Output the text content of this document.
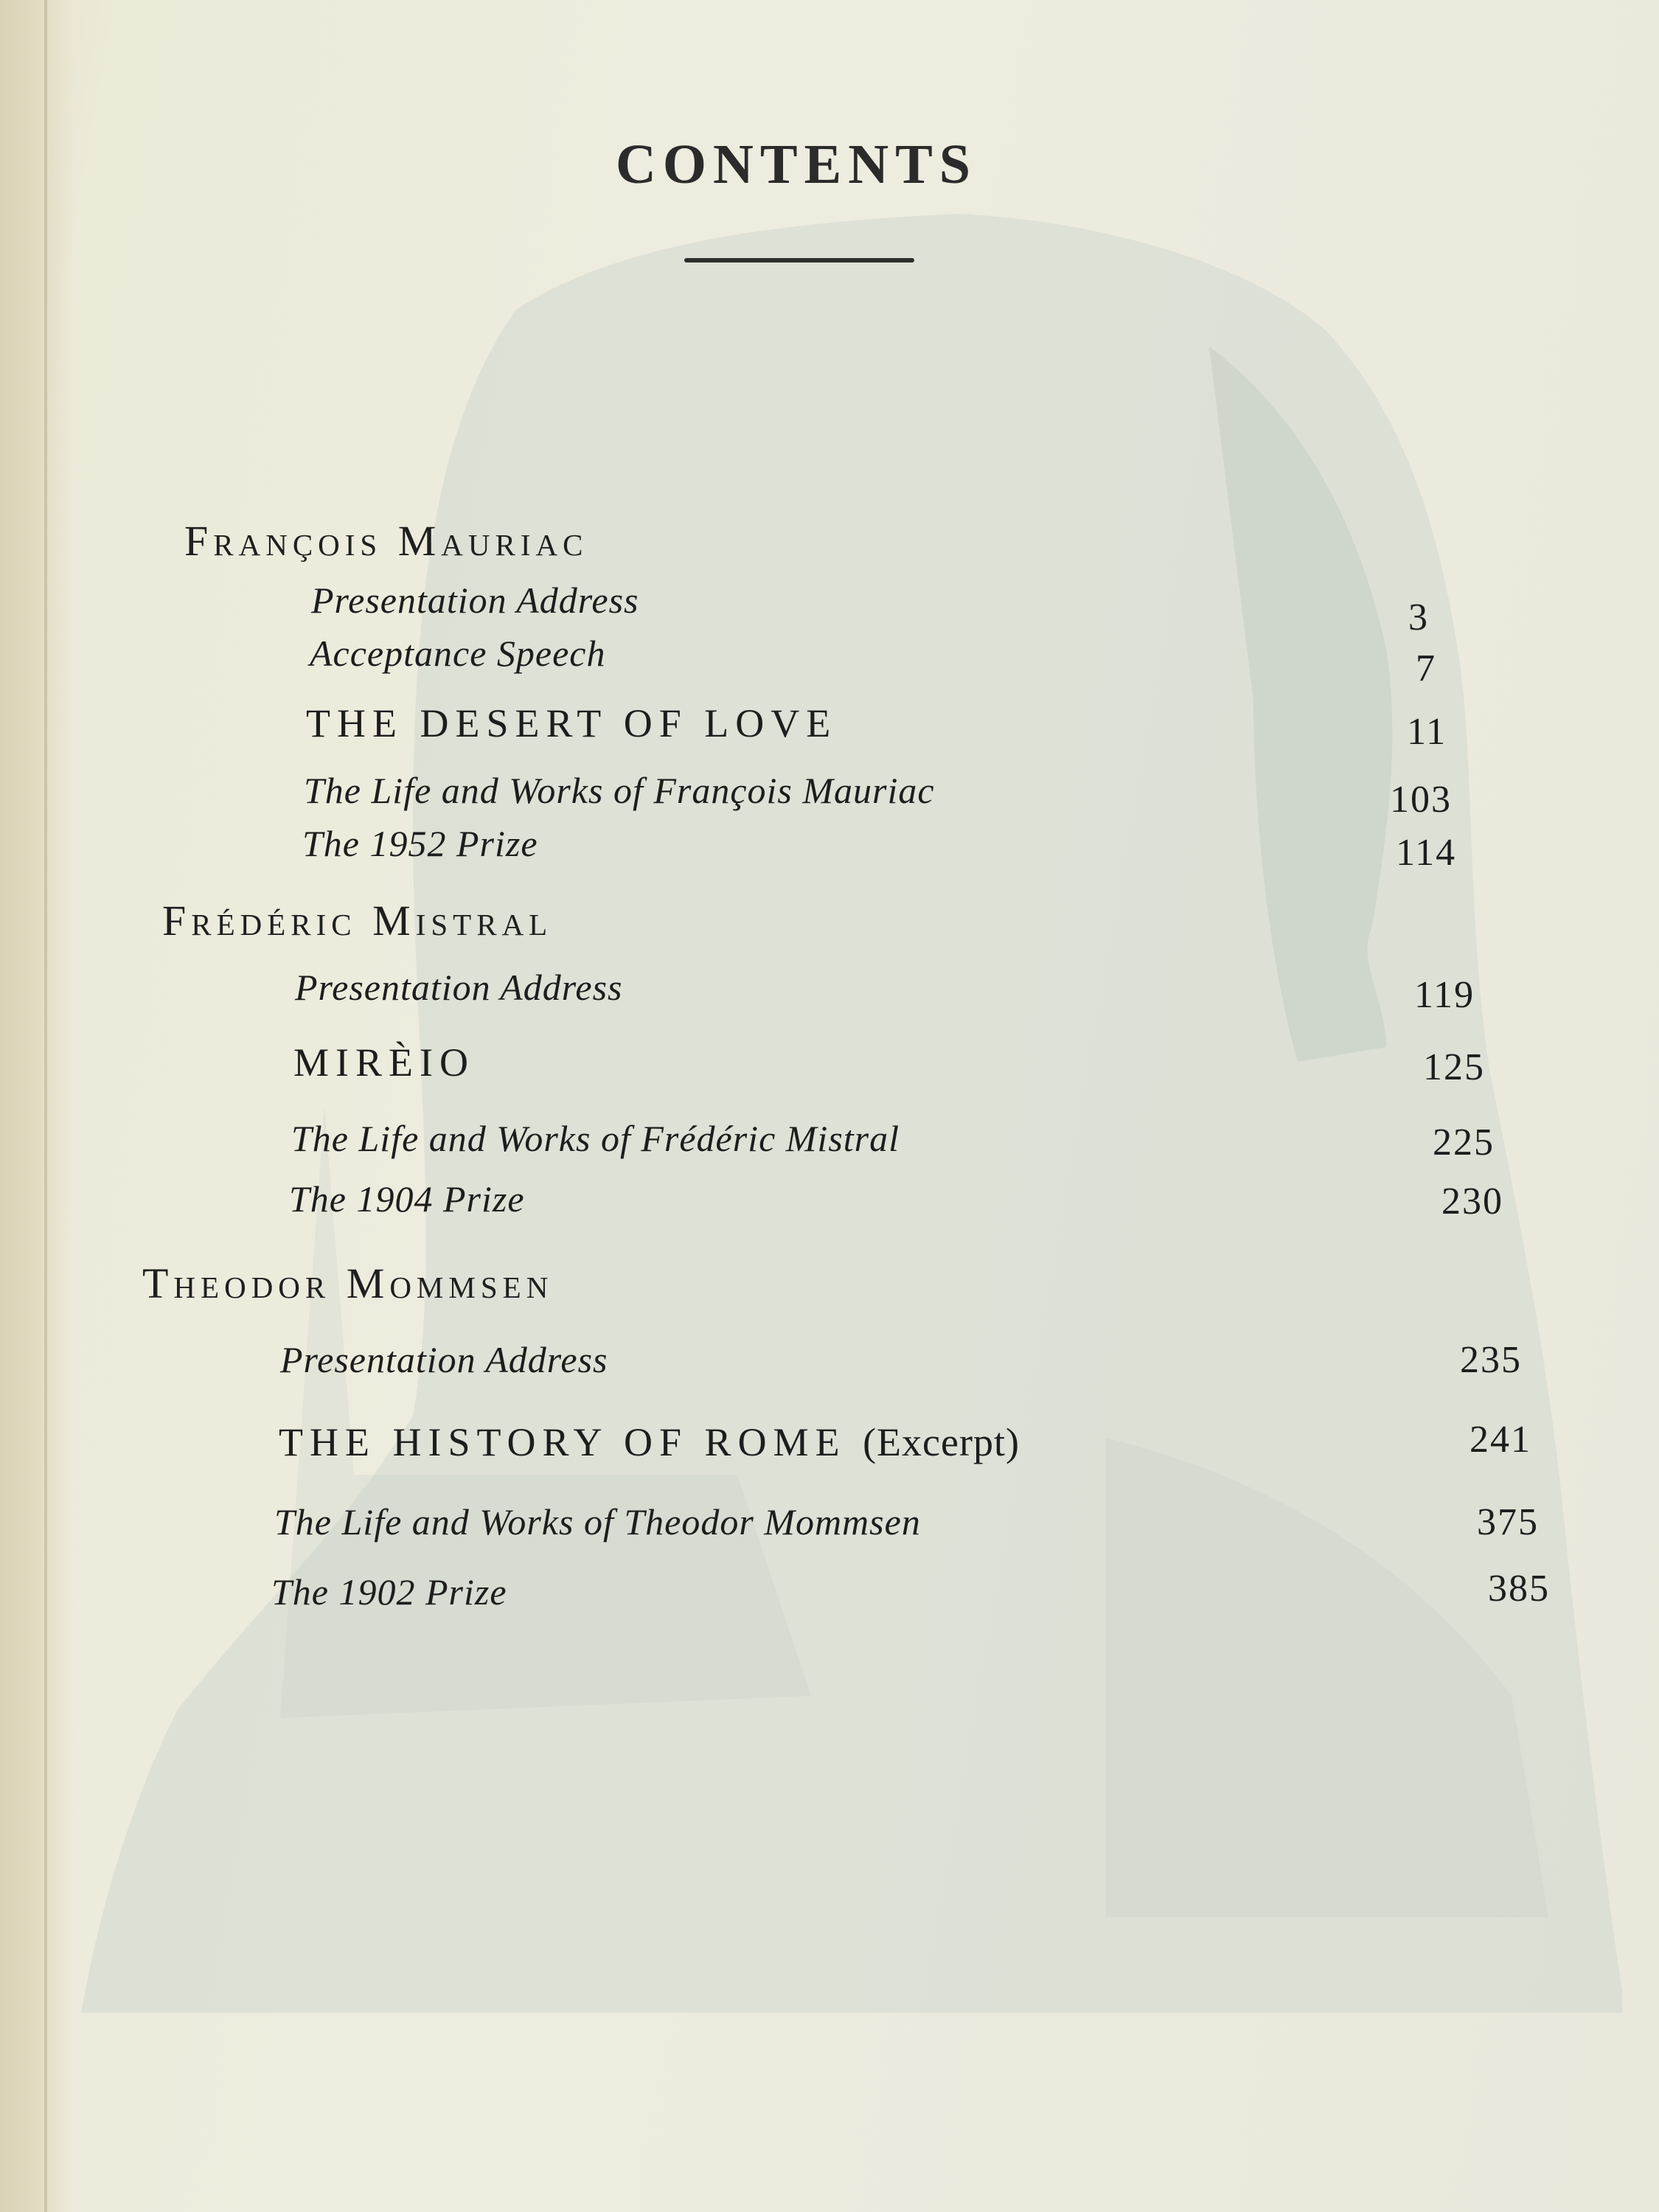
CONTENTS
François Mauriac
Presentation Address	3
Acceptance Speech	7
THE DESERT OF LOVE	11
The Life and Works of François Mauriac	103
The 1952 Prize	114
Frédéric Mistral
Presentation Address	119
MIRÈIO	125
The Life and Works of Frédéric Mistral	225
The 1904 Prize	230
Theodor Mommsen
Presentation Address	235
THE HISTORY OF ROME (Excerpt)	241
The Life and Works of Theodor Mommsen	375
The 1902 Prize	385
